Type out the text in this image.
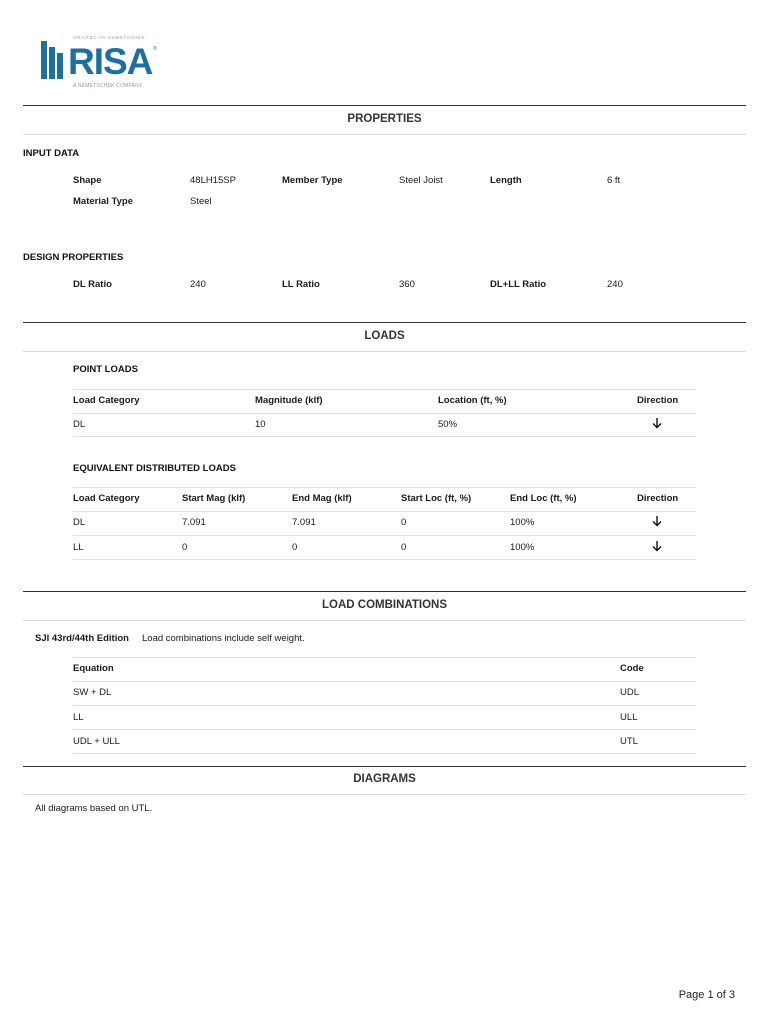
GRAITEC AN NEMETSCHEK
RISA ®
A NEMETSCHEK COMPANY
PROPERTIES
INPUT DATA
Shape	48LH15SP	Member Type	Steel Joist	Length	6 ft
Material Type	Steel
DESIGN PROPERTIES
DL Ratio	240	LL Ratio	360	DL+LL Ratio	240
LOADS
POINT LOADS
Load Category	Magnitude (klf)	Location (ft, %)	Direction
DL	10	50%
EQUIVALENT DISTRIBUTED LOADS
Load Category	Start Mag (klf)	End Mag (klf)	Start Loc (ft, %)	End Loc (ft, %)	Direction
DL	7.091	7.091	0	100%
LL	0	0	0	100%
LOAD COMBINATIONS
SJI 43rd/44th Edition Load combinations include self weight.
Equation	Code
SW + DL	UDL
LL	ULL
UDL + ULL	UTL
DIAGRAMS
All diagrams based on UTL.
Page 1 of 3
